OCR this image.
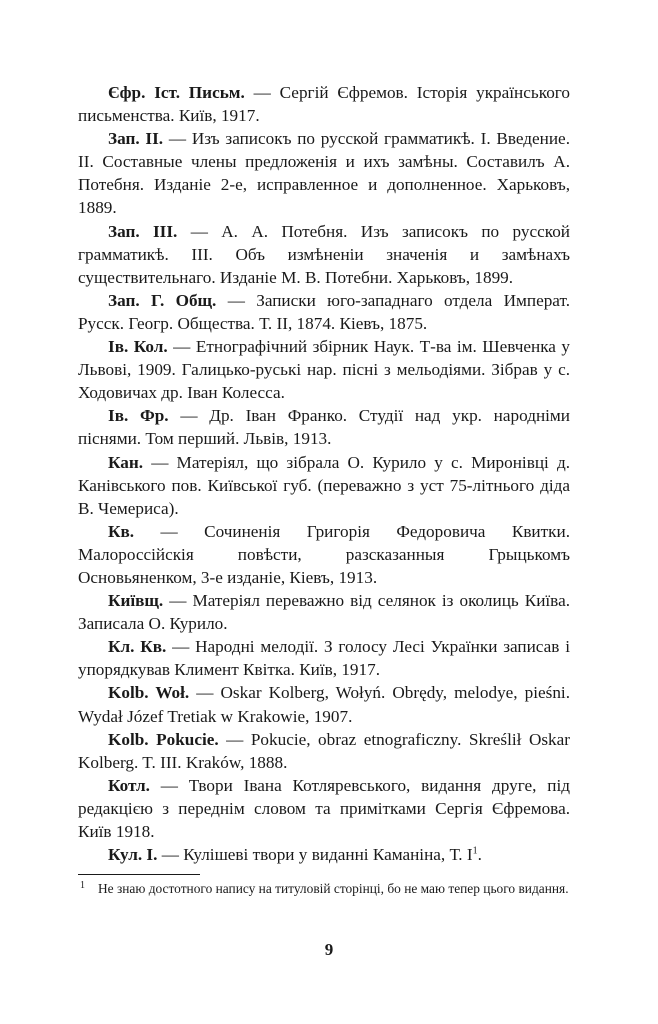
Єфр. Іст. Письм. — Сергій Єфремов. Історія українського письменства. Київ, 1917.

Зап. II. — Изъ записокъ по русской грамматикѣ. I. Введение. II. Составные члены предложенія и ихъ замѣны. Составилъ А. Потебня. Изданіе 2-е, исправленное и дополненное. Харьковъ, 1889.

Зап. III. — А. А. Потебня. Изъ записокъ по русской грамматикѣ. III. Объ измѣненіи значенія и замѣнахъ существительнаго. Изданіе М. В. Потебни. Харьковъ, 1899.

Зап. Г. Общ. — Записки юго-западнаго отдела Императ. Русск. Геогр. Общества. Т. II, 1874. Кіевъ, 1875.

Ів. Кол. — Етнографічний збірник Наук. Т-ва ім. Шевченка у Львові, 1909. Галицько-руські нар. пісні з мельодіями. Зібрав у с. Ходовичах др. Іван Колесса.

Ів. Фр. — Др. Іван Франко. Студії над укр. народніми піснями. Том перший. Львів, 1913.

Кан. — Матеріял, що зібрала О. Курило у с. Миронівці д. Канівського пов. Київської губ. (переважно з уст 75-літнього діда В. Чемериса).

Кв. — Сочиненія Григорія Федоровича Квитки. Малороссійскія повѣсти, разсказанныя Грыцькомъ Основьяненком, 3-е изданіе, Кіевъ, 1913.

Київщ. — Матеріял переважно від селянок із околиць Київа. Записала О. Курило.

Кл. Кв. — Народні мелодії. З голосу Лесі Українки записав і упорядкував Климент Квітка. Київ, 1917.

Kolb. Woł. — Oskar Kolberg, Wołyń. Obrędy, melodye, pieśni. Wydał Józef Tretiak w Krakowie, 1907.

Kolb. Pokucie. — Pokucie, obraz etnograficzny. Skreślił Oskar Kolberg. T. III. Kraków, 1888.

Котл. — Твори Івана Котляревського, видання друге, під редакцією з переднім словом та примітками Сергія Єфремова. Київ 1918.

Кул. І. — Кулішеві твори у виданні Каманіна, Т. $І^1$.

1 Не знаю достотного напису на титуловій сторінці, бо не маю тепер цього видання.

9
